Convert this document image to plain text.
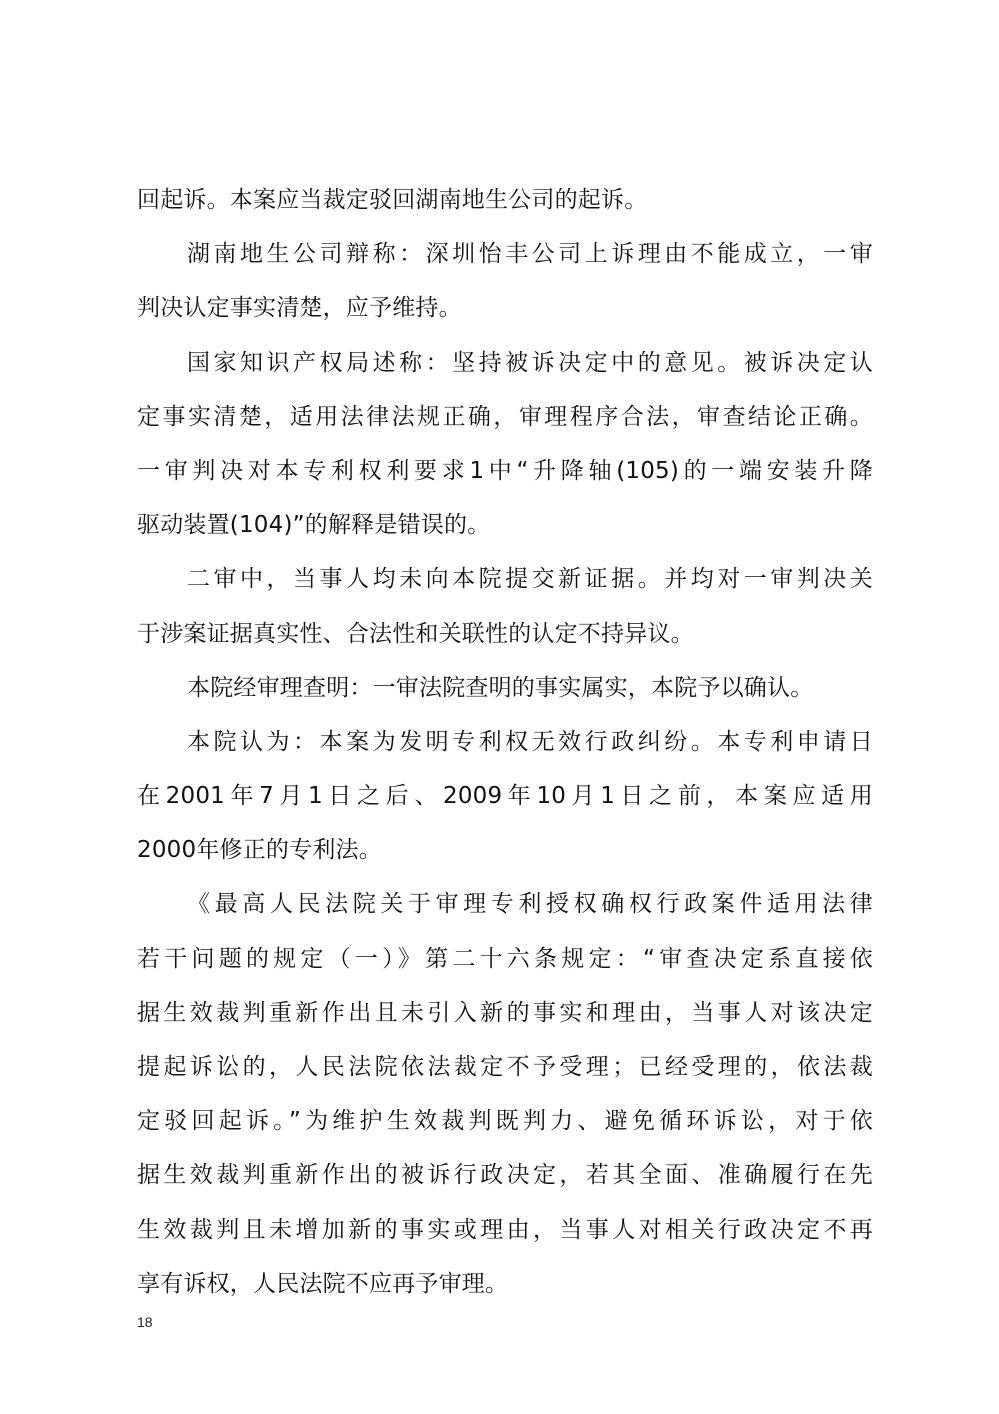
回起诉。本案应当裁定驳回湖南地生公司的起诉。
湖南地生公司辩称：深圳怡丰公司上诉理由不能成立，一审
判决认定事实清楚，应予维持。
国家知识产权局述称：坚持被诉决定中的意见。被诉决定认
定事实清楚，适用法律法规正确，审理程序合法，审查结论正确。
一审判决对本专利权利要求1中“升降轴(105)的一端安装升降
驱动装置(104)”的解释是错误的。
二审中，当事人均未向本院提交新证据。并均对一审判决关
于涉案证据真实性、合法性和关联性的认定不持异议。
本院经审理查明：一审法院查明的事实属实，本院予以确认。
本院认为：本案为发明专利权无效行政纠纷。本专利申请日
在2001年7月1日之后、2009年10月1日之前，本案应适用
2000年修正的专利法。
《最高人民法院关于审理专利授权确权行政案件适用法律
若干问题的规定（一）》第二十六条规定：“审查决定系直接依
据生效裁判重新作出且未引入新的事实和理由，当事人对该决定
提起诉讼的，人民法院依法裁定不予受理；已经受理的，依法裁
定驳回起诉。”为维护生效裁判既判力、避免循环诉讼，对于依
据生效裁判重新作出的被诉行政决定，若其全面、准确履行在先
生效裁判且未增加新的事实或理由，当事人对相关行政决定不再
享有诉权，人民法院不应再予审理。
18
